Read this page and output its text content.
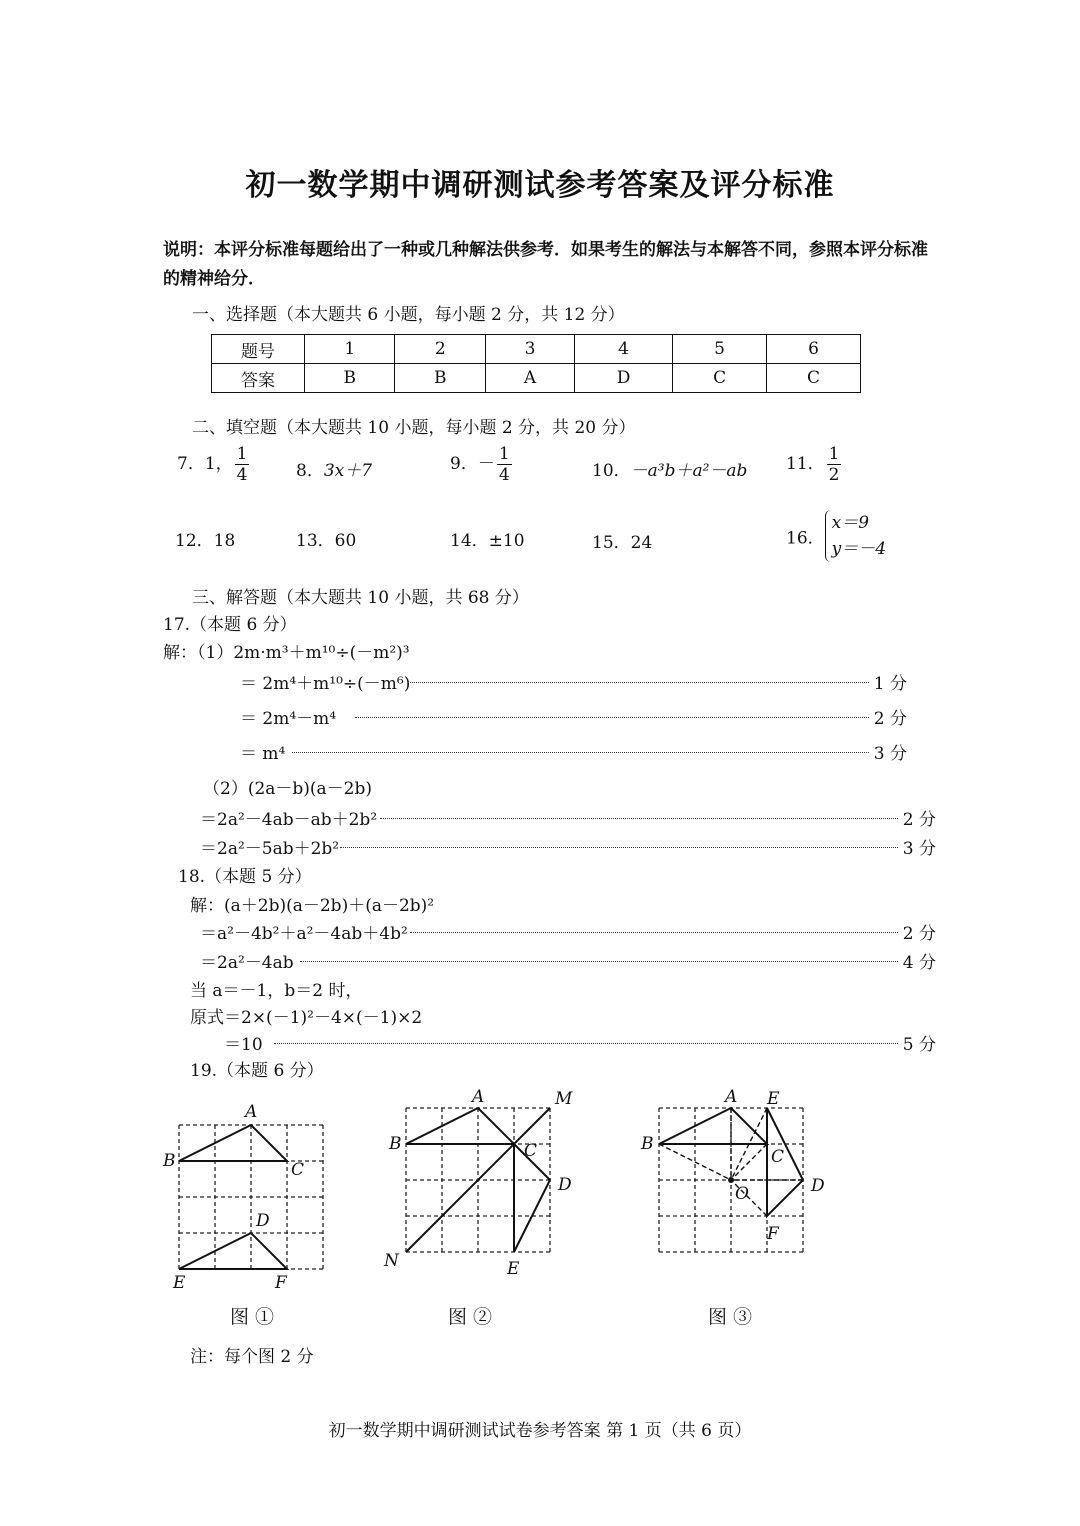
初一数学期中调研测试参考答案及评分标准
说明：本评分标准每题给出了一种或几种解法供参考．如果考生的解法与本解答不同，参照本评分标准的精神给分．
一、选择题（本大题共 6 小题，每小题 2 分，共 12 分）
题号	1	2	3	4	5	6
答案	B	B	A	D	C	C
二、填空题（本大题共 10 小题，每小题 2 分，共 20 分）
7．1， $\frac{1}{4}$	8．3x＋7	9．－ $\frac{1}{4}$	10．－a³b＋a²－ab 11． $\frac{1}{2}$
12．18	13．60	14．±10	15．24	16．
x＝9
y＝－4
三、解答题（本大题共 10 小题，共 68 分）
17.（本题 6 分）
解：（1）2m·m³＋m¹⁰÷(－m²)³
＝ 2m⁴＋m¹⁰÷(－m⁶)	1 分
＝ 2m⁴－m⁴	2 分
＝ m⁴	3 分
（2）(2a－b)(a－2b)
＝2a²－4ab－ab＋2b²	2 分
＝2a²－5ab＋2b²	3 分
18.（本题 5 分）
解：(a＋2b)(a－2b)＋(a－2b)²
＝a²－4b²＋a²－4ab＋4b²	2 分
＝2a²－4ab	4 分
当 a＝－1，b＝2 时，
原式＝2×(－1)²－4×(－1)×2
＝10	5 分
19.（本题 6 分）
A
B	C
D
E	F
A	M
B	C
D
N	E
A E
B
C
D
O
F
图 ①	图 ②	图 ③
注：每个图 2 分
初一数学期中调研测试试卷参考答案 第 1 页（共 6 页）
